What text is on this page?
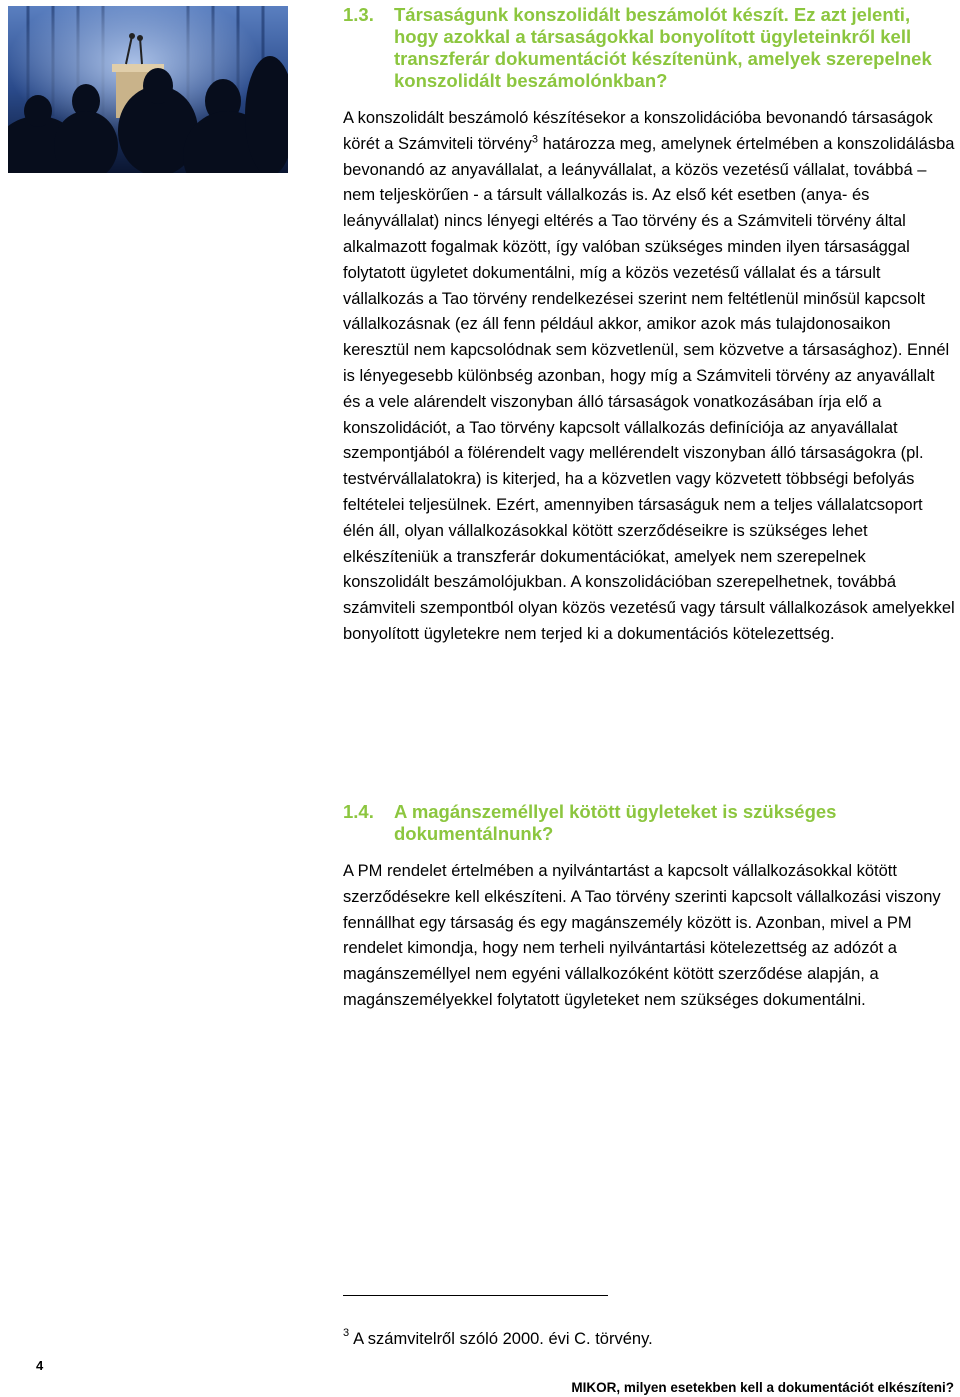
1.3. Társaságunk konszolidált beszámolót készít. Ez azt jelenti, hogy azokkal a társaságokkal bonyolított ügyleteinkről kell transzferár dokumentációt készítenünk, amelyek szerepelnek konszolidált beszámolónkban?

A konszolidált beszámoló készítésekor a konszolidációba bevonandó társaságok körét a Számviteli törvény$^3$ határozza meg, amelynek értelmében a konszolidálásba bevonandó az anyavállalat, a leányvállalat, a közös vezetésű vállalat, továbbá – nem teljeskörűen - a társult vállalkozás is. Az első két esetben (anya- és leányvállalat) nincs lényegi eltérés a Tao törvény és a Számviteli törvény által alkalmazott fogalmak között, így valóban szükséges minden ilyen társasággal folytatott ügyletet dokumentálni, míg a közös vezetésű vállalat és a társult vállalkozás a Tao törvény rendelkezései szerint nem feltétlenül minősül kapcsolt vállalkozásnak (ez áll fenn például akkor, amikor azok más tulajdonosaikon keresztül nem kapcsolódnak sem közvetlenül, sem közvetve a társasághoz). Ennél is lényegesebb különbség azonban, hogy míg a Számviteli törvény az anyavállalt és a vele alárendelt viszonyban álló társaságok vonatkozásában írja elő a konszolidációt, a Tao törvény kapcsolt vállalkozás definíciója az anyavállalat szempontjából a fölérendelt vagy mellérendelt viszonyban álló társaságokra (pl. testvérvállalatokra) is kiterjed, ha a közvetlen vagy közvetett többségi befolyás feltételei teljesülnek. Ezért, amennyiben társaságuk nem a teljes vállalatcsoport élén áll, olyan vállalkozásokkal kötött szerződéseikre is szükséges lehet elkészíteniük a transzferár dokumentációkat, amelyek nem szerepelnek konszolidált beszámolójukban. A konszolidációban szerepelhetnek, továbbá számviteli szempontból olyan közös vezetésű vagy társult vállalkozások amelyekkel bonyolított ügyletekre nem terjed ki a dokumentációs kötelezettség.

1.4. A magánszeméllyel kötött ügyleteket is szükséges dokumentálnunk?

A PM rendelet értelmében a nyilvántartást a kapcsolt vállalkozásokkal kötött szerződésekre kell elkészíteni. A Tao törvény szerinti kapcsolt vállalkozási viszony fennállhat egy társaság és egy magánszemély között is. Azonban, mivel a PM rendelet kimondja, hogy nem terheli nyilvántartási kötelezettség az adózót a magánszeméllyel nem egyéni vállalkozóként kötött szerződése alapján, a magánszemélyekkel folytatott ügyleteket nem szükséges dokumentálni.

$^3$ A számvitelről szóló 2000. évi C. törvény.
4
MIKOR, milyen esetekben kell a dokumentációt elkészíteni?
